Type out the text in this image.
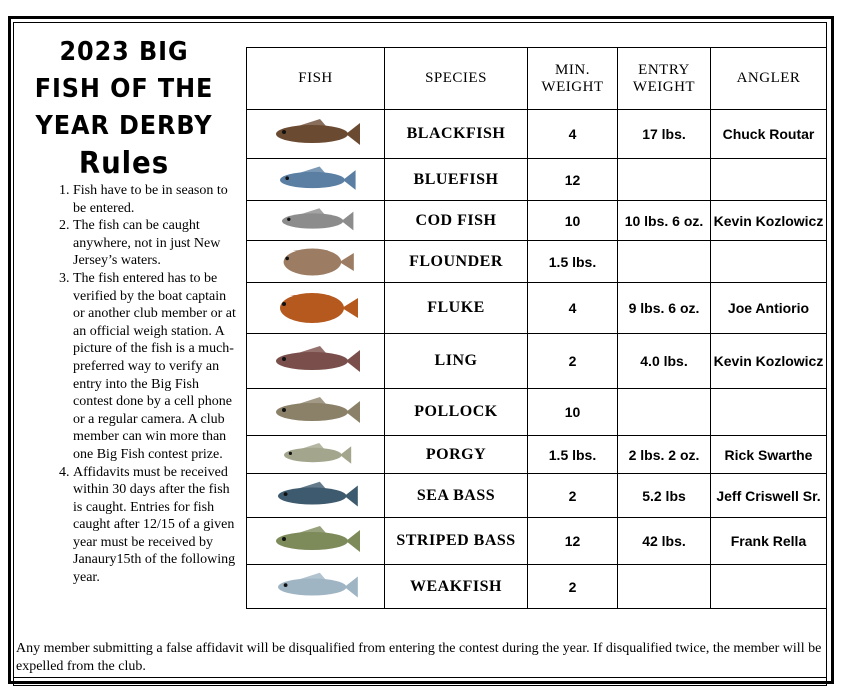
2023 BIG
FISH OF THE
YEAR DERBY
Rules
1. Fish have to be in season to be entered.
2. The fish can be caught anywhere, not in just New Jersey’s waters.
3. The fish entered has to be verified by the boat captain or another club member or at an official weigh station. A picture of the fish is a much-preferred way to verify an entry into the Big Fish contest done by a cell phone or a regular camera. A club member can win more than one Big Fish contest prize.
4. Affidavits must be received within 30 days after the fish is caught. Entries for fish caught after 12/15 of a given year must be received by Janaury15th of the following year.
FISH	SPECIES	MIN. WEIGHT	ENTRY WEIGHT	ANGLER

	BLACKFISH	4	17 lbs.	Chuck Routar

	BLUEFISH	12		

	COD FISH	10	10 lbs. 6 oz.	Kevin Kozlowicz

	FLOUNDER	1.5 lbs.		

	FLUKE	4	9 lbs. 6 oz.	Joe Antiorio

	LING	2	4.0 lbs.	Kevin Kozlowicz

	POLLOCK	10		

	PORGY	1.5 lbs.	2 lbs. 2 oz.	Rick Swarthe

	SEA BASS	2	5.2 lbs	Jeff Criswell Sr.

	STRIPED BASS	12	42 lbs.	Frank Rella

	WEAKFISH	2		
Any member submitting a false affidavit will be disqualified from entering the contest during the year. If disqualified twice, the member will be expelled from the club.
